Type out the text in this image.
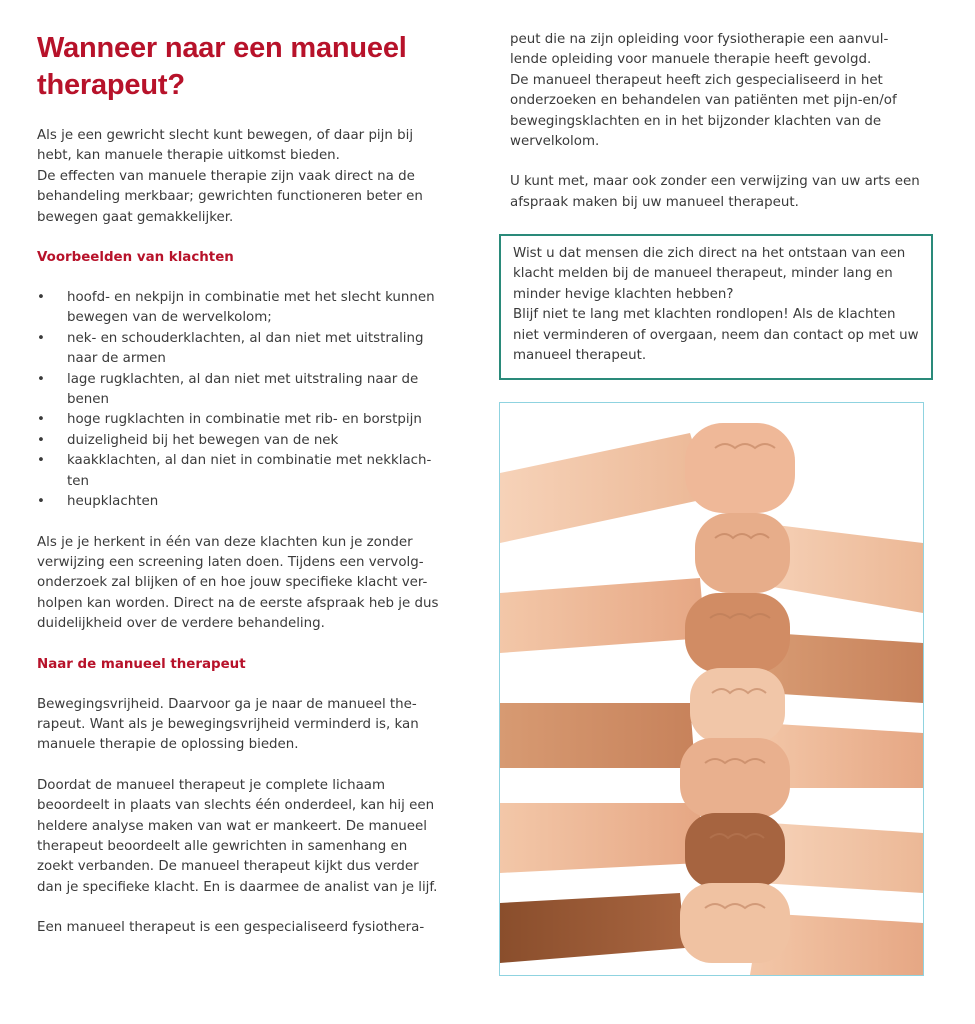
Wanneer naar een manueel therapeut?

Als je een gewricht slecht kunt bewegen, of daar pijn bij hebt, kan manuele therapie uitkomst bieden.

De effecten van manuele therapie zijn vaak direct na de behandeling merkbaar; gewrichten functioneren beter en bewegen gaat gemakkelijker.

Voorbeelden van klachten
• hoofd- en nekpijn in combinatie met het slecht kunnen bewegen van de wervelkolom;
• nek- en schouderklachten, al dan niet met uitstraling naar de armen
• lage rugklachten, al dan niet met uitstraling naar de benen
• hoge rugklachten in combinatie met rib- en borstpijn
• duizeligheid bij het bewegen van de nek
• kaakklachten, al dan niet in combinatie met nekklach-ten
• heupklachten

Als je je herkent in één van deze klachten kun je zonder verwijzing een screening laten doen. Tijdens een vervolg-onderzoek zal blijken of en hoe jouw specifieke klacht ver-holpen kan worden. Direct na de eerste afspraak heb je dus duidelijkheid over de verdere behandeling.

Naar de manueel therapeut

Bewegingsvrijheid. Daarvoor ga je naar de manueel the-rapeut. Want als je bewegingsvrijheid verminderd is, kan manuele therapie de oplossing bieden.

Doordat de manueel therapeut je complete lichaam beoordeelt in plaats van slechts één onderdeel, kan hij een heldere analyse maken van wat er mankeert. De manueel therapeut beoordeelt alle gewrichten in samenhang en zoekt verbanden. De manueel therapeut kijkt dus verder dan je specifieke klacht. En is daarmee de analist van je lijf.

Een manueel therapeut is een gespecialiseerd fysiothera-

peut die na zijn opleiding voor fysiotherapie een aanvul-lende opleiding voor manuele therapie heeft gevolgd.

De manueel therapeut heeft zich gespecialiseerd in het onderzoeken en behandelen van patiënten met pijn-en/of bewegingsklachten en in het bijzonder klachten van de wervelkolom.

U kunt met, maar ook zonder een verwijzing van uw arts een afspraak maken bij uw manueel therapeut.

Wist u dat mensen die zich direct na het ontstaan van een klacht melden bij de manueel therapeut, minder lang en minder hevige klachten hebben?

Blijf niet te lang met klachten rondlopen! Als de klachten niet verminderen of overgaan, neem dan contact op met uw manueel therapeut.
